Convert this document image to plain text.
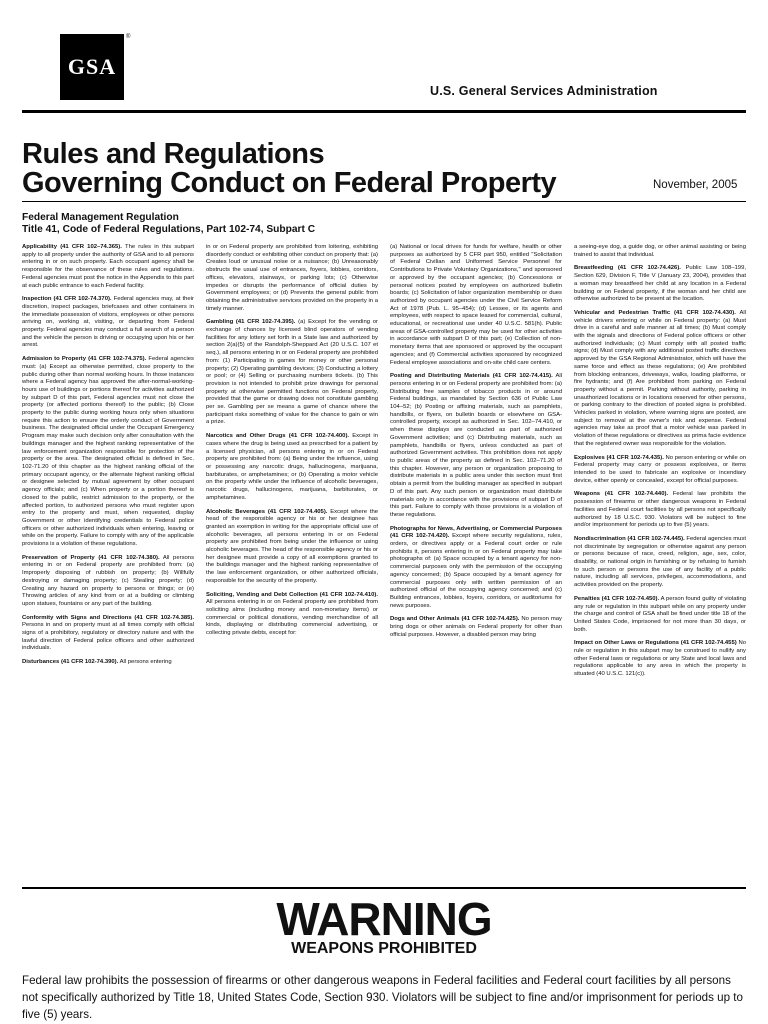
GSA
®
U.S. General Services Administration
Rules and Regulations
Governing Conduct on Federal Property	November, 2005
Federal Management Regulation
Title 41, Code of Federal Regulations, Part 102-74, Subpart C

Applicability (41 CFR 102–74.365). The rules in this subpart apply to all property under the authority of GSA and to all persons entering in or on such property. Each occupant agency shall be responsible for the observance of these rules and regulations. Federal agencies must post the notice in the Appendix to this part at each public entrance to each Federal facility.

Inspection (41 CFR 102-74.370). Federal agencies may, at their discretion, inspect packages, briefcases and other containers in the immediate possession of visitors, employees or other persons arriving on, working at, visiting, or departing from Federal property. Federal agencies may conduct a full search of a person and the vehicle the person is driving or occupying upon his or her arrest.

Admission to Property (41 CFR 102-74.375). Federal agencies must: (a) Except as otherwise permitted, close property to the public during other than normal working hours. In those instances where a Federal agency has approved the after-normal-working-hours use of buildings or portions thereof for activities authorized by subpart D of this part, Federal agencies must not close the property (or affected portions thereof) to the public; (b) Close property to the public during working hours only when situations require this action to ensure the orderly conduct of Government business. The designated official under the Occupant Emergency Program may make such decision only after consultation with the buildings manager and the highest ranking representative of the law enforcement organization responsible for protection of the property or the area. The designated official is defined in Sec. 102-71.20 of this chapter as the highest ranking official of the primary occupant agency, or the alternate highest ranking official or designee selected by mutual agreement by other occupant agency officials; and (c) When property or a portion thereof is closed to the public, restrict admission to the property, or the affected portion, to authorized persons who must register upon entry to the property and must, when requested, display Government or other identifying credentials to Federal police officers or other authorized individuals when entering, leaving or while on the property. Failure to comply with any of the applicable provisions is a violation of these regulations.

Preservation of Property (41 CFR 102-74.380). All persons entering in or on Federal property are prohibited from: (a) Improperly disposing of rubbish on property; (b) Willfully destroying or damaging property; (c) Stealing property; (d) Creating any hazard on property to persons or things; or (e) Throwing articles of any kind from or at a building or climbing upon statues, fountains or any part of the building.

Conformity with Signs and Directions (41 CFR 102-74.385). Persons in and on property must at all times comply with official signs of a prohibitory, regulatory or directory nature and with the lawful direction of Federal police officers and other authorized individuals.

Disturbances (41 CFR 102-74.390). All persons entering

in or on Federal property are prohibited from loitering, exhibiting disorderly conduct or exhibiting other conduct on property that: (a) Creates loud or unusual noise or a nuisance; (b) Unreasonably obstructs the usual use of entrances, foyers, lobbies, corridors, offices, elevators, stairways, or parking lots; (c) Otherwise impedes or disrupts the performance of official duties by Government employees; or (d) Prevents the general public from obtaining the administrative services provided on the property in a timely manner.

Gambling (41 CFR 102-74.395). (a) Except for the vending or exchange of chances by licensed blind operators of vending facilities for any lottery set forth in a State law and authorized by section 2(a)(5) of the Randolph-Sheppard Act (20 U.S.C. 107 et seq.), all persons entering in or on Federal property are prohibited from: (1) Participating in games for money or other personal property; (2) Operating gambling devices; (3) Conducting a lottery or pool; or (4) Selling or purchasing numbers tickets. (b) This provision is not intended to prohibit prize drawings for personal property at otherwise permitted functions on Federal property, provided that the game or drawing does not constitute gambling per se. Gambling per se means a game of chance where the participant risks something of value for the chance to gain or win a prize.

Narcotics and Other Drugs (41 CFR 102-74.400). Except in cases where the drug is being used as prescribed for a patient by a licensed physician, all persons entering in or on Federal property are prohibited from: (a) Being under the influence, using or possessing any narcotic drugs, hallucinogens, marijuana, barbiturates, or amphetamines; or (b) Operating a motor vehicle on the property while under the influence of alcoholic beverages, narcotic drugs, hallucinogens, marijuana, barbiturates, or amphetamines.

Alcoholic Beverages (41 CFR 102-74.405). Except where the head of the responsible agency or his or her designee has granted an exemption in writing for the appropriate official use of alcoholic beverages, all persons entering in or on Federal property are prohibited from being under the influence or using alcoholic beverages. The head of the responsible agency or his or her designee must provide a copy of all exemptions granted to the buildings manager and the highest ranking representative of the law enforcement organization, or other authorized officials, responsible for the security of the property.

Soliciting, Vending and Debt Collection (41 CFR 102-74.410). All persons entering in or on Federal property are prohibited from soliciting alms (including money and non-monetary items) or commercial or political donations, vending merchandise of all kinds, displaying or distributing commercial advertising, or collecting private debts, except for:

(a) National or local drives for funds for welfare, health or other purposes as authorized by 5 CFR part 950, entitled "Solicitation of Federal Civilian and Uniformed Service Personnel for Contributions to Private Voluntary Organizations," and sponsored or approved by the occupant agencies; (b) Concessions or personal notices posted by employees on authorized bulletin boards; (c) Solicitation of labor organization membership or dues authorized by occupant agencies under the Civil Service Reform Act of 1978 (Pub. L. 95–454); (d) Lessee, or its agents and employees, with respect to space leased for commercial, cultural, educational, or recreational use under 40 U.S.C. 581(h). Public areas of GSA-controlled property may be used for other activities in accordance with subpart D of this part; (e) Collection of non-monetary items that are sponsored or approved by the occupant agencies; and (f) Commercial activities sponsored by recognized Federal employee associations and on-site child care centers.

Posting and Distributing Materials (41 CFR 102-74.415). All persons entering in or on Federal property are prohibited from: (a) Distributing free samples of tobacco products in or around Federal buildings, as mandated by Section 636 of Public Law 104–52; (b) Posting or affixing materials, such as pamphlets, handbills, or flyers, on bulletin boards or elsewhere on GSA-controlled property, except as authorized in Sec. 102–74.410, or when these displays are conducted as part of authorized Government activities; and (c) Distributing materials, such as pamphlets, handbills or flyers, unless conducted as part of authorized Government activities. This prohibition does not apply to public areas of the property as defined in Sec. 102–71.20 of this chapter. However, any person or organization proposing to distribute materials in a public area under this section must first obtain a permit from the building manager as specified in subpart D of this part. Any such person or organization must distribute materials only in accordance with the provisions of subpart D of this part. Failure to comply with those provisions is a violation of these regulations.

Photographs for News, Advertising, or Commercial Purposes (41 CFR 102-74.420). Except where security regulations, rules, orders, or directives apply or a Federal court order or rule prohibits it, persons entering in or on Federal property may take photographs of: (a) Space occupied by a tenant agency for non-commercial purposes only with the permission of the occupying agency concerned; (b) Space occupied by a tenant agency for commercial purposes only with written permission of an authorized official of the occupying agency concerned; and (c) Building entrances, lobbies, foyers, corridors, or auditoriums for news purposes.

Dogs and Other Animals (41 CFR 102-74.425). No person may bring dogs or other animals on Federal property for other than official purposes. However, a disabled person may bring

a seeing-eye dog, a guide dog, or other animal assisting or being trained to assist that individual.

Breastfeeding (41 CFR 102-74.426). Public Law 108–199, Section 629, Division F, Title V (January 23, 2004), provides that a woman may breastfeed her child at any location in a Federal building or on Federal property, if the woman and her child are otherwise authorized to be present at the location.

Vehicular and Pedestrian Traffic (41 CFR 102-74.430). All vehicle drivers entering or while on Federal property: (a) Must drive in a careful and safe manner at all times; (b) Must comply with the signals and directions of Federal police officers or other authorized individuals; (c) Must comply with all posted traffic signs; (d) Must comply with any additional posted traffic directives approved by the GSA Regional Administrator, which will have the same force and effect as these regulations; (e) Are prohibited from blocking entrances, driveways, walks, loading platforms, or fire hydrants; and (f) Are prohibited from parking on Federal property without a permit. Parking without authority, parking in unauthorized locations or in locations reserved for other persons, or parking contrary to the direction of posted signs is prohibited. Vehicles parked in violation, where warning signs are posted, are subject to removal at the owner's risk and expense. Federal agencies may take as proof that a motor vehicle was parked in violation of these regulations or directives as prima facie evidence that the registered owner was responsible for the violation.

Explosives (41 CFR 102-74.435). No person entering or while on Federal property may carry or possess explosives, or items intended to be used to fabricate an explosive or incendiary device, either openly or concealed, except for official purposes.

Weapons (41 CFR 102-74.440). Federal law prohibits the possession of firearms or other dangerous weapons in Federal facilities and Federal court facilities by all persons not specifically authorized by 18 U.S.C. 930. Violators will be subject to fine and/or imprisonment for periods up to five (5) years.

Nondiscrimination (41 CFR 102-74.445). Federal agencies must not discriminate by segregation or otherwise against any person or persons because of race, creed, religion, age, sex, color, disability, or national origin in furnishing or by refusing to furnish to such person or persons the use of any facility of a public nature, including all services, privileges, accommodations, and activities provided on the property.

Penalties (41 CFR 102-74.450). A person found guilty of violating any rule or regulation in this subpart while on any property under the charge and control of GSA shall be fined under title 18 of the United States Code, imprisoned for not more than 30 days, or both.

Impact on Other Laws or Regulations (41 CFR 102-74.455) No rule or regulation in this subpart may be construed to nullify any other Federal laws or regulations or any State and local laws and regulations applicable to any area in which the property is situated (40 U.S.C. 121(c)).

WARNING
WEAPONS PROHIBITED
Federal law prohibits the possession of firearms or other dangerous weapons in Federal facilities and Federal court facilities by all persons not specifically authorized by Title 18, United States Code, Section 930. Violators will be subject to fine and/or imprisonment for periods up to five (5) years.
